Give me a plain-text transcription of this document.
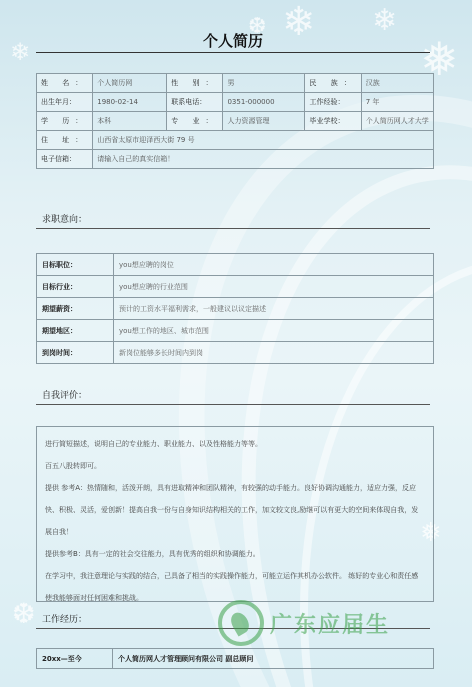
❄ ❄
❅
❆
❄
❅
❆
个人简历
姓 名：	个人简历网	性 别：	男	民 族：	汉族
出生年月：	1980-02-14	联系电话：	0351-000000	工作经验：	7 年
学 历：	本科	专 业：	人力资源管理	毕业学校：	个人简历网人才大学
住 址：	山西省太原市迎泽西大街 79 号				
电子信箱：	请输入自己的真实信箱！				
求职意向：
目标职位：	you想应聘的岗位
目标行业：	you想应聘的行业范围
期望薪资：	预计的工资水平福利需求，一般建议以议定描述
期望地区：	you想工作的地区、城市范围
到岗时间：	新岗位能够多长时间内到岗
自我评价：

进行简短描述，说明自己的专业能力、职业能力、以及性格能力等等。

百五八股转即可。

提供 参考A：热情随和，活泼开朗，具有进取精神和团队精神，有较强的动手能力。良好协调沟通能力，适应力强，反应快、积极、灵活，爱创新！提高自我一份与自身知识结构相关的工作，加文较文良,励继可以有更大的空间来体现自我，发展自我！

提供参考B：具有一定的社会交往能力，具有优秀的组织和协调能力。

在学习中，我注意理论与实践的结合，己具备了相当的实践操作能力，可能立运作其机办公软件。 练好的专业心和责任感使我能够面对任何困难和挑战。

工作经历：
20xx—至今	个人简历网人才管理顾问有限公司 副总顾问
广东应届生
